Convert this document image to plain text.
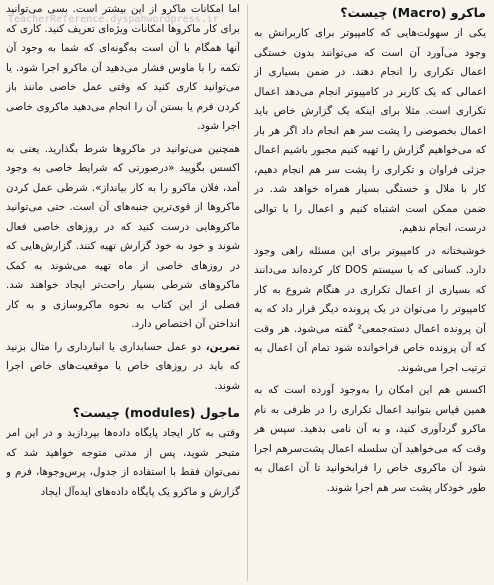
ماکرو (Macro) چیست؟

یکی از سهولت‌هایی که کامپیوتر برای کاربرانش به وجود می‌آورد آن است که می‌توانند بدون خستگی اعمال تکراری را انجام دهند. در ضمن بسیاری از اعمالی که یک کاربر در کامپیوتر انجام می‌دهد اعمال تکراری است. مثلا برای اینکه یک گزارش خاص باید اعمال بخصوصی را پشت سر هم انجام داد اگر هر بار که می‌خواهیم گزارش را تهیه کنیم مجبور باشیم اعمال جزئی فراوان و تکراری را پشت سر هم انجام دهیم، کار با ملال و خستگی بسیار همراه خواهد شد. در ضمن ممکن است اشتباه کنیم و اعمال را با توالی درست، انجام ندهیم.

خوشبختانه در کامپیوتر برای این مسئله راهی وجود دارد. کسانی که با سیستم DOS کار کرده‌اند می‌دانند که بسیاری از اعمال تکراری در هنگام شروع به کار کامپیوتر را می‌توان در یک پرونده دیگر قرار داد که به آن پرونده اعمال دسته‌جمعی² گفته می‌شود. هر وقت که آن پرونده خاص فراخوانده شود تمام آن اعمال به ترتیب اجرا می‌شوند.

اکسس هم این امکان را به‌وجود آورده است که به همین قیاس بتوانید اعمال تکراری را در ظرفی به نام ماکرو گردآوری کنید، و به آن نامی بدهید. سپس هر وقت که می‌خواهید آن سلسله اعمال پشت‌سرهم اجرا شود آن ماکروی خاص را فرابخوانید تا آن اعمال به طور خودکار پشت سر هم اجرا شوند.

اما امکانات ماکرو از این بیشتر است. بسی می‌توانید برای کار ماکروها امکانات ویژه‌ای تعریف کنید. کاری که آنها همگام با آن است به‌گونه‌ای که شما به وجود آن تکمه را با ماوس فشار می‌دهید آن ماکرو اجرا شود. یا می‌توانید کاری کنید که وقتی عمل خاصی مانند باز کردن فرم یا بستن آن را انجام می‌دهید ماکروی خاصی اجرا شود.

همچنین می‌توانید در ماکروها شرط بگذارید. یعنی به اکسس بگویید «درصورتی که شرایط خاصی به وجود آمد، فلان ماکرو را به کار بیانداز». شرطی عمل کردن ماکروها از قوی‌ترین جنبه‌های آن است. حتی می‌توانید ماکروهایی درست کنید که در روزهای خاصی فعال شوند و خود به خود گزارش تهیه کنند. گزارش‌هایی که در روزهای خاصی از ماه تهیه می‌شوند به کمک ماکروهای شرطی بسیار راحت‌تر ایجاد خواهند شد. فصلی از این کتاب به نحوه ماکروسازی و به کار انداختن آن اختصاص دارد.

تمرین، دو عمل حسابداری یا انبارداری را مثال بزنید که باید در روزهای خاص یا موقعیت‌های خاص اجرا شوند.

ماجول (modules) چیست؟

وقتی به کار ایجاد پایگاه داده‌ها بپردازید و در این امر متبحر شوید، پس از مدتی متوجه خواهید شد که نمی‌توان فقط با استفاده از جدول، پرس‌وجوها، فرم و گزارش و ماکرو یک پایگاه داده‌های ایده‌آل ایجاد

TeacherReference.dyspahwordpress.ir
